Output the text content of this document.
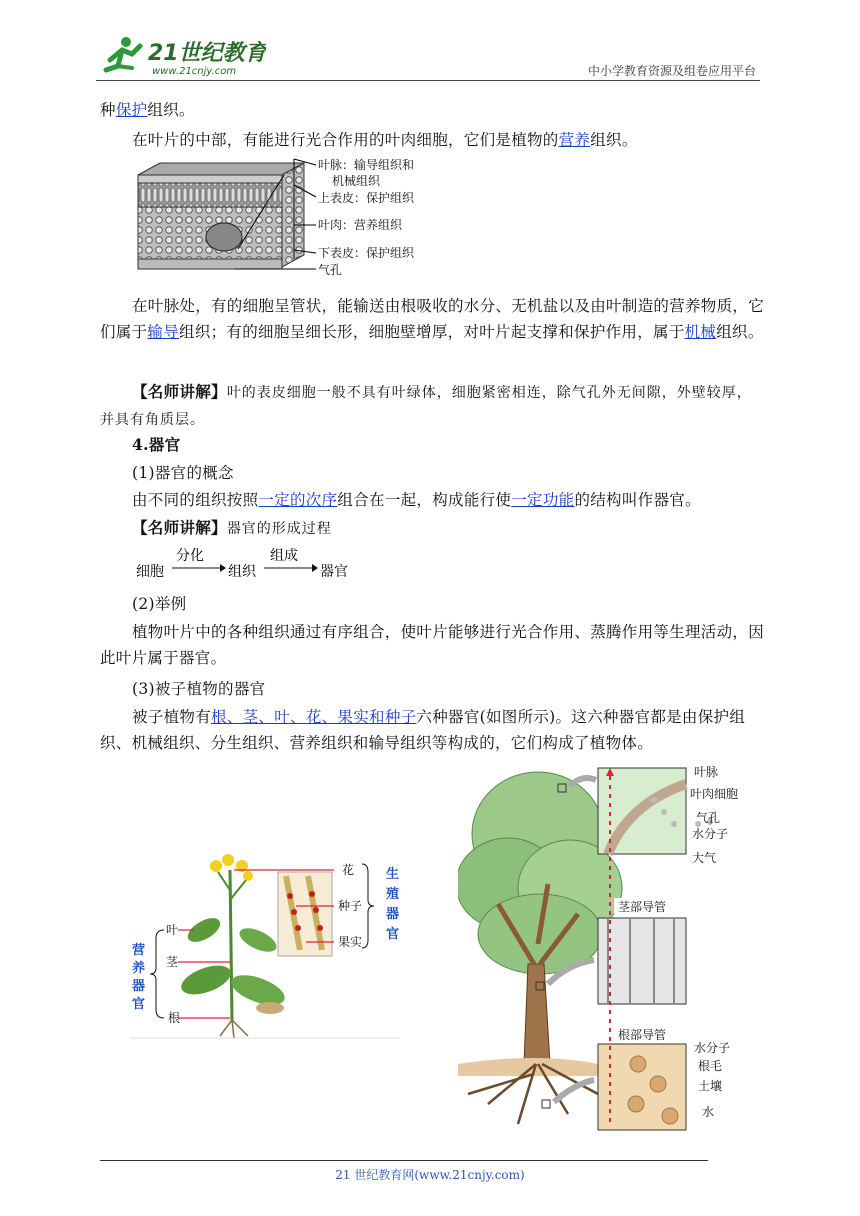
21世纪教育
www.21cnjy.com	中小学教育资源及组卷应用平台
种保护组织。
在叶片的中部，有能进行光合作用的叶肉细胞，它们是植物的营养组织。
叶脉：输导组织和
机械组织
上表皮：保护组织
叶肉：营养组织
下表皮：保护组织
气孔
在叶脉处，有的细胞呈管状，能输送由根吸收的水分、无机盐以及由叶制造的营养物质，它们属于输导组织；有的细胞呈细长形，细胞壁增厚，对叶片起支撑和保护作用，属于机械组织。
【名师讲解】叶的表皮细胞一般不具有叶绿体，细胞紧密相连，除气孔外无间隙，外壁较厚，并具有角质层。
4.器官
(1)器官的概念
由不同的组织按照一定的次序组合在一起，构成能行使一定功能的结构叫作器官。
【名师讲解】器官的形成过程
细胞
分化
组织
组成
器官
(2)举例
植物叶片中的各种组织通过有序组合，使叶片能够进行光合作用、蒸腾作用等生理活动，因此叶片属于器官。
(3)被子植物的器官
被子植物有根、茎、叶、花、果实和种子六种器官(如图所示)。这六种器官都是由保护组织、机械组织、分生组织、营养组织和输导组织等构成的，它们构成了植物体。
花
种子
果实
生
殖
器
官
叶
茎
根
营
养
器
官
叶脉
叶肉细胞
气孔
水分子
大气
茎部导管
根部导管
水分子
根毛
土壤
水
21 世纪教育网(www.21cnjy.com)
